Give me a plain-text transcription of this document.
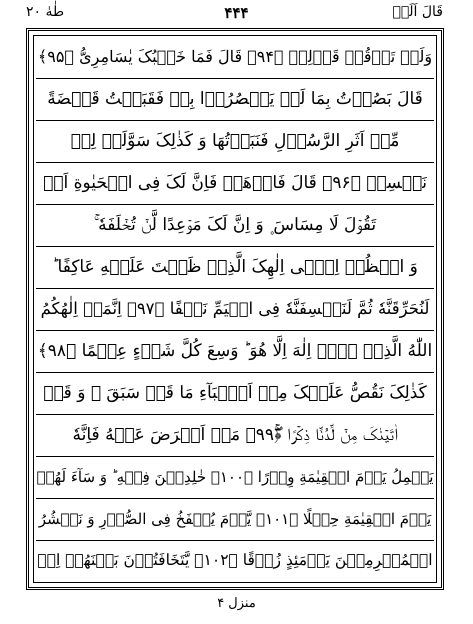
قَالَ اَلَمۡ
۴۴۴
طٰهٰ ۲۰
وَلَمۡ تَرۡقُبۡ قَوۡلِیۡ ﴿۹۴﴾ قَالَ فَمَا خَطۡبُکَ یٰسَامِرِیُّ ﴿۹۵﴾
قَالَ بَصُرۡتُ بِمَا لَمۡ یَبۡصُرُوۡا بِهٖ فَقَبَضۡتُ قَبۡضَةً
مِّنۡ اَثَرِ الرَّسُوۡلِ فَنَبَذۡتُهَا وَ کَذٰلِکَ سَوَّلَتۡ لِیۡ
نَفۡسِیۡ ﴿۹۶﴾ قَالَ فَاذۡهَبۡ فَاِنَّ لَکَ فِی الۡحَیٰوةِ اَنۡ
تَقُوۡلَ لَا مِسَاسَ ۪ وَ اِنَّ لَکَ مَوۡعِدًا لَّنۡ تُخۡلَفَهٗ ۚ
وَ انۡظُرۡ اِلٰۤی اِلٰهِکَ الَّذِیۡ ظَلۡتَ عَلَیۡهِ عَاکِفًا ؕ
لَنُحَرِّقَنَّهٗ ثُمَّ لَنَنۡسِفَنَّهٗ فِی الۡیَمِّ نَسۡفًا ﴿۹۷﴾ اِنَّمَاۤ اِلٰهُکُمُ
اللّٰهُ الَّذِیۡ لَاۤ اِلٰهَ اِلَّا هُوَ ؕ وَسِعَ کُلَّ شَیۡءٍ عِلۡمًا ﴿۹۸﴾
کَذٰلِکَ نَقُصُّ عَلَیۡکَ مِنۡ اَنۡۢبَآءِ مَا قَدۡ سَبَقَ ۚ وَ قَدۡ
اٰتَیۡنٰکَ مِنۡ لَّدُنَّا ذِکۡرًا ﴿ۖۚ۹۹﴾ مَنۡ اَعۡرَضَ عَنۡهُ فَاِنَّهٗ
یَحۡمِلُ یَوۡمَ الۡقِیٰمَةِ وِزۡرًا ﴿۱۰۰﴾ خٰلِدِیۡنَ فِیۡهِ ؕ وَ سَآءَ لَهُمۡ
یَوۡمَ الۡقِیٰمَةِ حِمۡلًا ﴿۱۰۱﴾ یَّوۡمَ یُنۡفَخُ فِی الصُّوۡرِ وَ نَحۡشُرُ
الۡمُجۡرِمِیۡنَ یَوۡمَئِذٍ زُرۡقًا ﴿۱۰۲﴾ یَّتَخَافَتُوۡنَ بَیۡنَهُمۡ اِنۡ
منزل ۴
